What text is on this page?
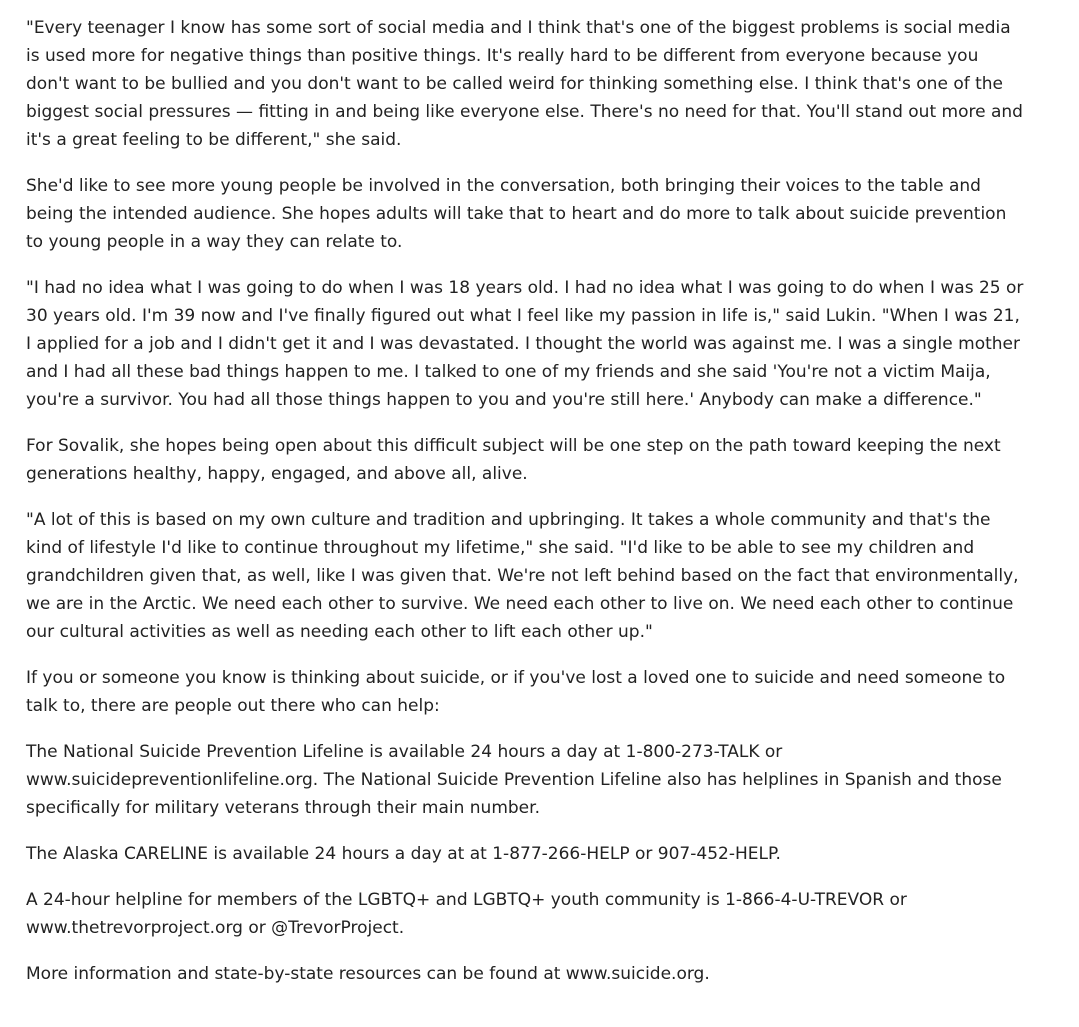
"Every teenager I know has some sort of social media and I think that's one of the biggest problems is social media is used more for negative things than positive things. It's really hard to be different from everyone because you don't want to be bullied and you don't want to be called weird for thinking something else. I think that's one of the biggest social pressures — fitting in and being like everyone else. There's no need for that. You'll stand out more and it's a great feeling to be different," she said.

She'd like to see more young people be involved in the conversation, both bringing their voices to the table and being the intended audience. She hopes adults will take that to heart and do more to talk about suicide prevention to young people in a way they can relate to.

"I had no idea what I was going to do when I was 18 years old. I had no idea what I was going to do when I was 25 or 30 years old. I'm 39 now and I've finally figured out what I feel like my passion in life is," said Lukin. "When I was 21, I applied for a job and I didn't get it and I was devastated. I thought the world was against me. I was a single mother and I had all these bad things happen to me. I talked to one of my friends and she said 'You're not a victim Maija, you're a survivor. You had all those things happen to you and you're still here.' Anybody can make a difference."

For Sovalik, she hopes being open about this difficult subject will be one step on the path toward keeping the next generations healthy, happy, engaged, and above all, alive.

"A lot of this is based on my own culture and tradition and upbringing. It takes a whole community and that's the kind of lifestyle I'd like to continue throughout my lifetime," she said. "I'd like to be able to see my children and grandchildren given that, as well, like I was given that. We're not left behind based on the fact that environmentally, we are in the Arctic. We need each other to survive. We need each other to live on. We need each other to continue our cultural activities as well as needing each other to lift each other up."

If you or someone you know is thinking about suicide, or if you've lost a loved one to suicide and need someone to talk to, there are people out there who can help:

The National Suicide Prevention Lifeline is available 24 hours a day at 1-800-273-TALK or www.suicidepreventionlifeline.org. The National Suicide Prevention Lifeline also has helplines in Spanish and those specifically for military veterans through their main number.

The Alaska CARELINE is available 24 hours a day at at 1-877-266-HELP or 907-452-HELP.

A 24-hour helpline for members of the LGBTQ+ and LGBTQ+ youth community is 1-866-4-U-TREVOR or www.thetrevorproject.org or @TrevorProject.

More information and state-by-state resources can be found at www.suicide.org.
